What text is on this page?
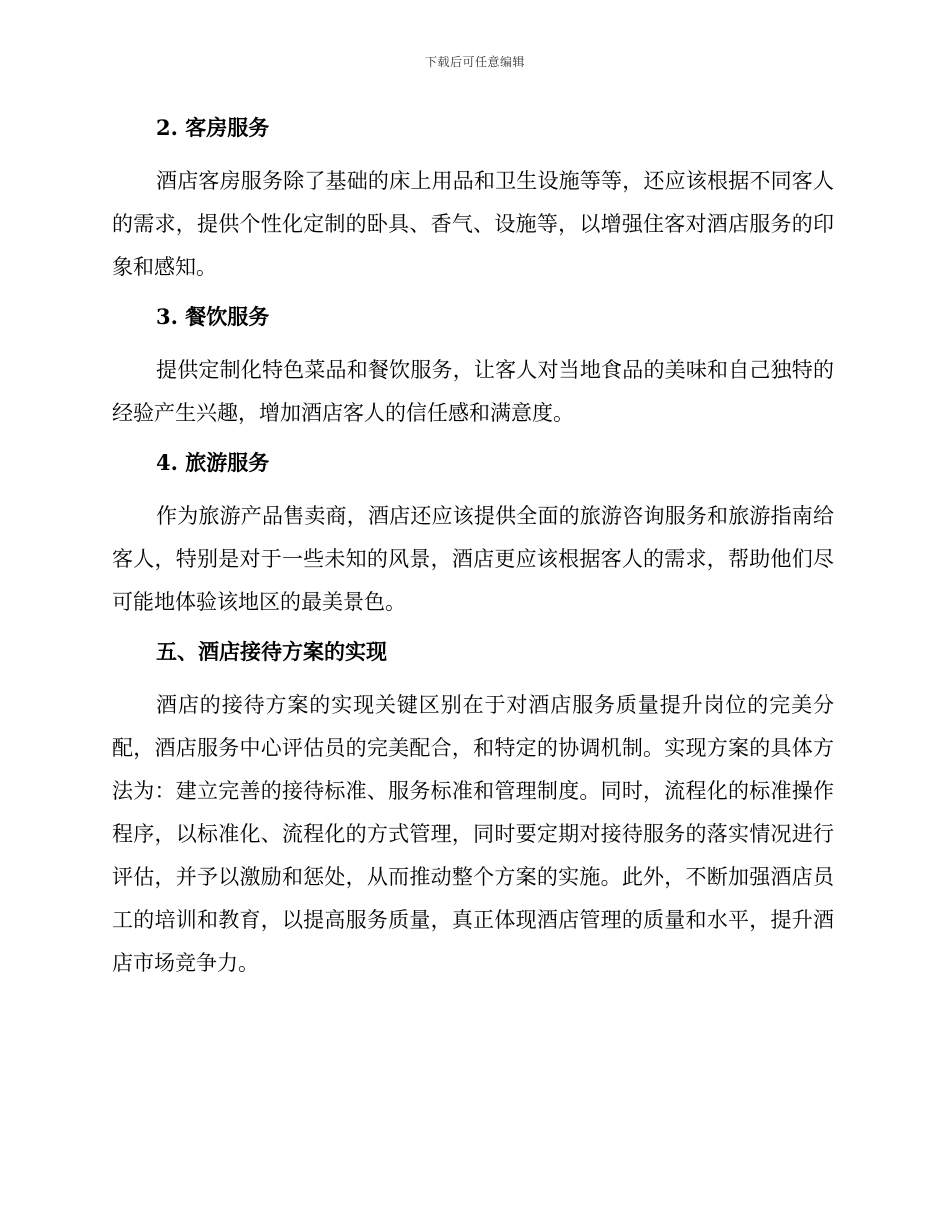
下载后可任意编辑
2. 客房服务

酒店客房服务除了基础的床上用品和卫生设施等等，还应该根据不同客人的需求，提供个性化定制的卧具、香气、设施等，以增强住客对酒店服务的印象和感知。

3. 餐饮服务

提供定制化特色菜品和餐饮服务，让客人对当地食品的美味和自己独特的经验产生兴趣，增加酒店客人的信任感和满意度。

4. 旅游服务

作为旅游产品售卖商，酒店还应该提供全面的旅游咨询服务和旅游指南给客人，特别是对于一些未知的风景，酒店更应该根据客人的需求，帮助他们尽可能地体验该地区的最美景色。

五、酒店接待方案的实现

酒店的接待方案的实现关键区别在于对酒店服务质量提升岗位的完美分配，酒店服务中心评估员的完美配合，和特定的协调机制。实现方案的具体方法为：建立完善的接待标准、服务标准和管理制度。同时，流程化的标准操作程序，以标准化、流程化的方式管理，同时要定期对接待服务的落实情况进行评估，并予以激励和惩处，从而推动整个方案的实施。此外，不断加强酒店员工的培训和教育，以提高服务质量，真正体现酒店管理的质量和水平，提升酒店市场竞争力。
